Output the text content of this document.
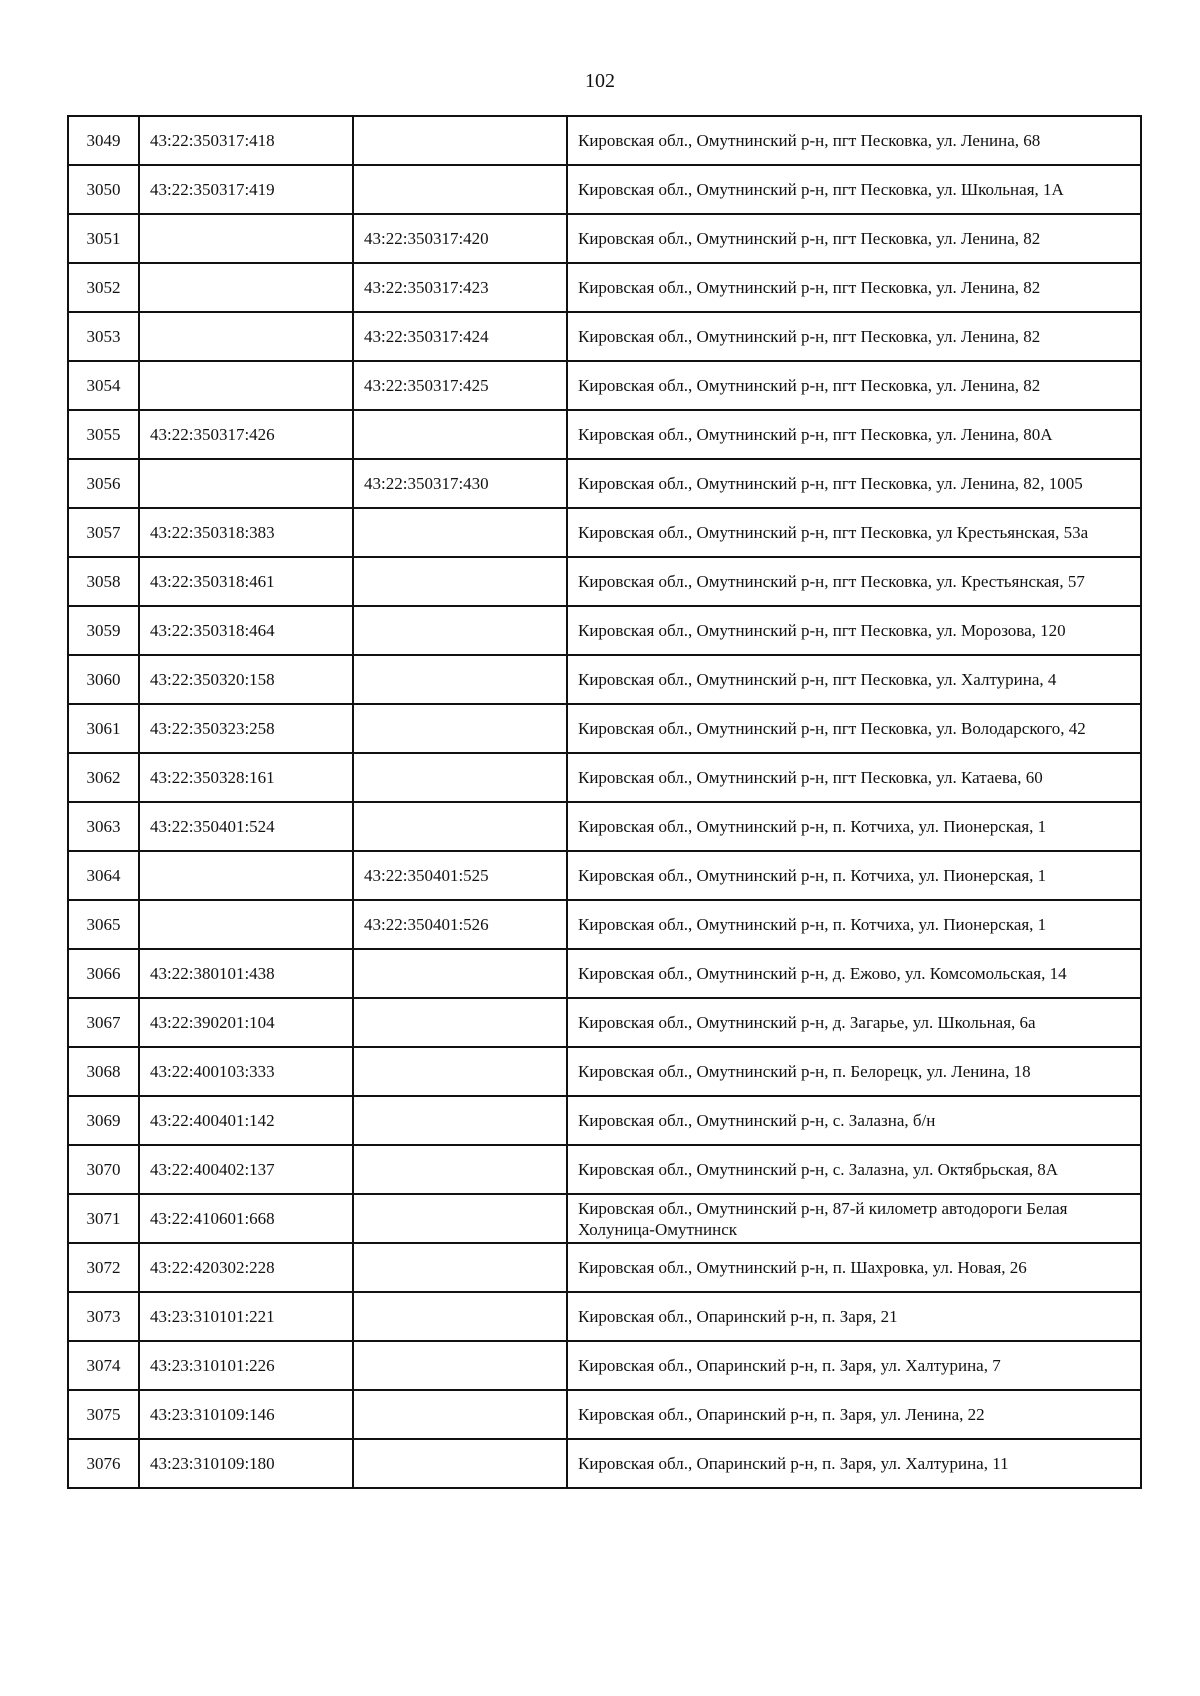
102
3049	43:22:350317:418		Кировская обл., Омутнинский р-н, пгт Песковка, ул. Ленина, 68
3050	43:22:350317:419		Кировская обл., Омутнинский р-н, пгт Песковка, ул. Школьная, 1А
3051		43:22:350317:420	Кировская обл., Омутнинский р-н, пгт Песковка, ул. Ленина, 82
3052		43:22:350317:423	Кировская обл., Омутнинский р-н, пгт Песковка, ул. Ленина, 82
3053		43:22:350317:424	Кировская обл., Омутнинский р-н, пгт Песковка, ул. Ленина, 82
3054		43:22:350317:425	Кировская обл., Омутнинский р-н, пгт Песковка, ул. Ленина, 82
3055	43:22:350317:426		Кировская обл., Омутнинский р-н, пгт Песковка, ул. Ленина, 80А
3056		43:22:350317:430	Кировская обл., Омутнинский р-н, пгт Песковка, ул. Ленина, 82, 1005
3057	43:22:350318:383		Кировская обл., Омутнинский р-н, пгт Песковка, ул Крестьянская, 53а
3058	43:22:350318:461		Кировская обл., Омутнинский р-н, пгт Песковка, ул. Крестьянская, 57
3059	43:22:350318:464		Кировская обл., Омутнинский р-н, пгт Песковка, ул. Морозова, 120
3060	43:22:350320:158		Кировская обл., Омутнинский р-н, пгт Песковка, ул. Халтурина, 4
3061	43:22:350323:258		Кировская обл., Омутнинский р-н, пгт Песковка, ул. Володарского, 42
3062	43:22:350328:161		Кировская обл., Омутнинский р-н, пгт Песковка, ул. Катаева, 60
3063	43:22:350401:524		Кировская обл., Омутнинский р-н, п. Котчиха, ул. Пионерская, 1
3064		43:22:350401:525	Кировская обл., Омутнинский р-н, п. Котчиха, ул. Пионерская, 1
3065		43:22:350401:526	Кировская обл., Омутнинский р-н, п. Котчиха, ул. Пионерская, 1
3066	43:22:380101:438		Кировская обл., Омутнинский р-н, д. Ежово, ул. Комсомольская, 14
3067	43:22:390201:104		Кировская обл., Омутнинский р-н, д. Загарье, ул. Школьная, 6а
3068	43:22:400103:333		Кировская обл., Омутнинский р-н, п. Белорецк, ул. Ленина, 18
3069	43:22:400401:142		Кировская обл., Омутнинский р-н, с. Залазна, б/н
3070	43:22:400402:137		Кировская обл., Омутнинский р-н, с. Залазна, ул. Октябрьская, 8А
3071	43:22:410601:668		Кировская обл., Омутнинский р-н, 87-й километр автодороги Белая Холуница-Омутнинск
3072	43:22:420302:228		Кировская обл., Омутнинский р-н, п. Шахровка, ул. Новая, 26
3073	43:23:310101:221		Кировская обл., Опаринский р-н, п. Заря, 21
3074	43:23:310101:226		Кировская обл., Опаринский р-н, п. Заря, ул. Халтурина, 7
3075	43:23:310109:146		Кировская обл., Опаринский р-н, п. Заря, ул. Ленина, 22
3076	43:23:310109:180		Кировская обл., Опаринский р-н, п. Заря, ул. Халтурина, 11
